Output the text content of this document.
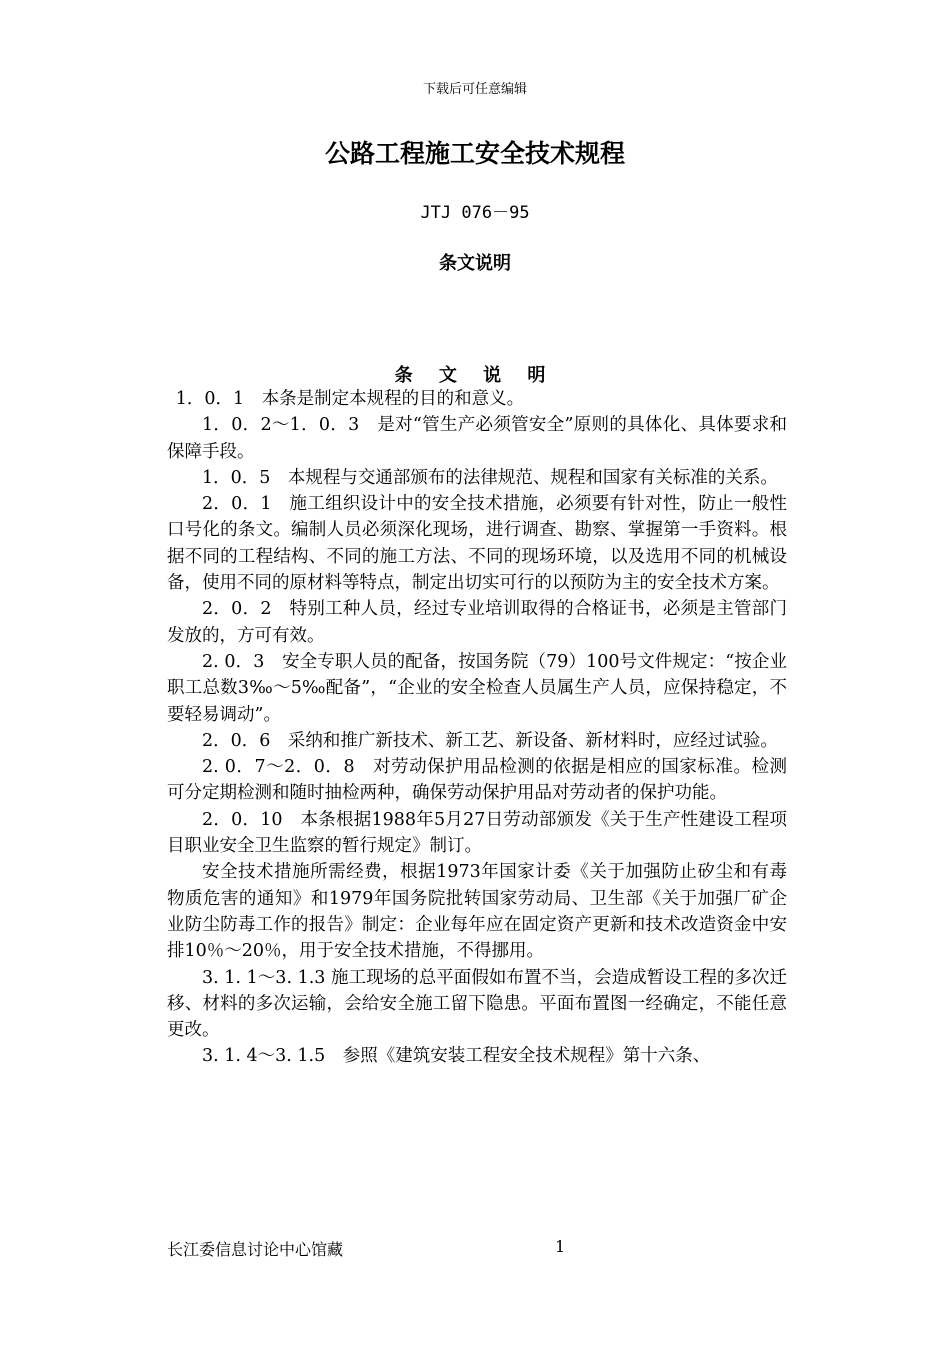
下载后可任意编辑
公路工程施工安全技术规程
JTJ 076－95
条文说明
条 文 说 明

1．0．1　本条是制定本规程的目的和意义。

1．0．2～1．0．3　是对“管生产必须管安全”原则的具体化、具体要求和保障手段。

1．0．5　本规程与交通部颁布的法律规范、规程和国家有关标准的关系。

2．0．1　施工组织设计中的安全技术措施，必须要有针对性，防止一般性口号化的条文。编制人员必须深化现场，进行调查、勘察、掌握第一手资料。根据不同的工程结构、不同的施工方法、不同的现场环境，以及选用不同的机械设备，使用不同的原材料等特点，制定出切实可行的以预防为主的安全技术方案。

2．0．2　特别工种人员，经过专业培训取得的合格证书，必须是主管部门发放的，方可有效。

2. 0．3　安全专职人员的配备，按国务院（79）100号文件规定：“按企业职工总数3‰～5‰配备”，“企业的安全检查人员属生产人员，应保持稳定，不要轻易调动”。

2．0．6　采纳和推广新技术、新工艺、新设备、新材料时，应经过试验。

2. 0．7～2．0．8　对劳动保护用品检测的依据是相应的国家标准。检测可分定期检测和随时抽检两种，确保劳动保护用品对劳动者的保护功能。

2．0．10　本条根据1988年5月27日劳动部颁发《关于生产性建设工程项目职业安全卫生监察的暂行规定》制订。

安全技术措施所需经费，根据1973年国家计委《关于加强防止矽尘和有毒物质危害的通知》和1979年国务院批转国家劳动局、卫生部《关于加强厂矿企业防尘防毒工作的报告》制定：企业每年应在固定资产更新和技术改造资金中安排10％～20％，用于安全技术措施，不得挪用。

3. 1. 1～3. 1.3 施工现场的总平面假如布置不当，会造成暂设工程的多次迁移、材料的多次运输，会给安全施工留下隐患。平面布置图一经确定，不能任意更改。

3. 1. 4～3. 1.5　参照《建筑安装工程安全技术规程》第十六条、

长江委信息讨论中心馆藏	1
